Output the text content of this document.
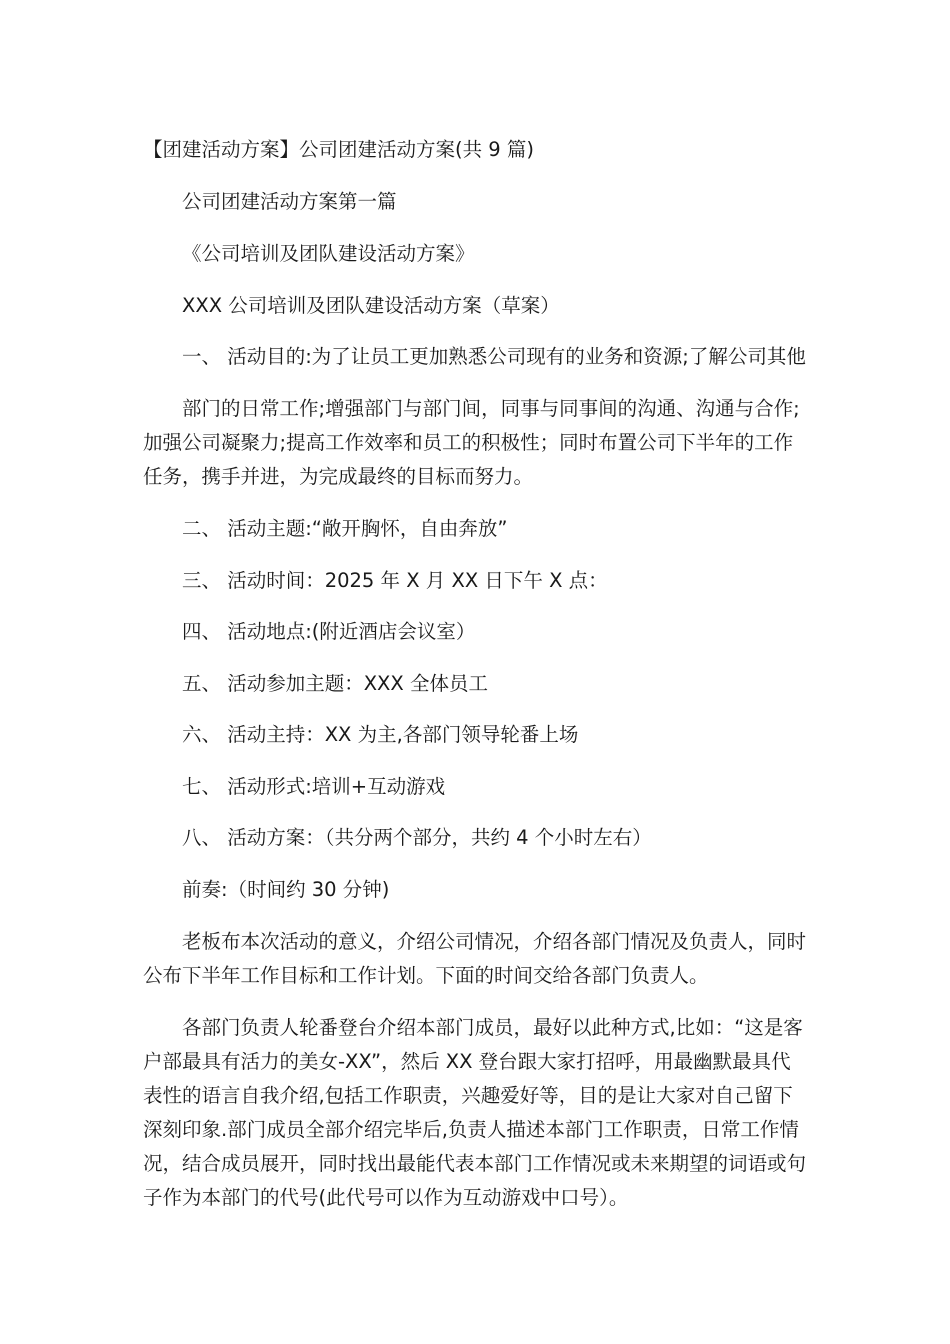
【团建活动方案】公司团建活动方案(共 9 篇)

公司团建活动方案第一篇

《公司培训及团队建设活动方案》

XXX 公司培训及团队建设活动方案（草案）

一、 活动目的:为了让员工更加熟悉公司现有的业务和资源;了解公司其他

部门的日常工作;增强部门与部门间，同事与同事间的沟通、沟通与合作;加强公司凝聚力;提高工作效率和员工的积极性；同时布置公司下半年的工作任务，携手并进，为完成最终的目标而努力。

二、 活动主题:“敞开胸怀，自由奔放”

三、 活动时间：2025 年 X 月 XX 日下午 X 点：

四、 活动地点:(附近酒店会议室）

五、 活动参加主题：XXX 全体员工

六、 活动主持：XX 为主,各部门领导轮番上场

七、 活动形式:培训+互动游戏

八、 活动方案：（共分两个部分，共约 4 个小时左右）

前奏:（时间约 30 分钟)

老板布本次活动的意义，介绍公司情况，介绍各部门情况及负责人，同时公布下半年工作目标和工作计划。下面的时间交给各部门负责人。

各部门负责人轮番登台介绍本部门成员，最好以此种方式,比如：“这是客户部最具有活力的美女-XX”，然后 XX 登台跟大家打招呼，用最幽默最具代表性的语言自我介绍,包括工作职责，兴趣爱好等，目的是让大家对自己留下深刻印象.部门成员全部介绍完毕后,负责人描述本部门工作职责，日常工作情况，结合成员展开，同时找出最能代表本部门工作情况或未来期望的词语或句子作为本部门的代号(此代号可以作为互动游戏中口号）。
